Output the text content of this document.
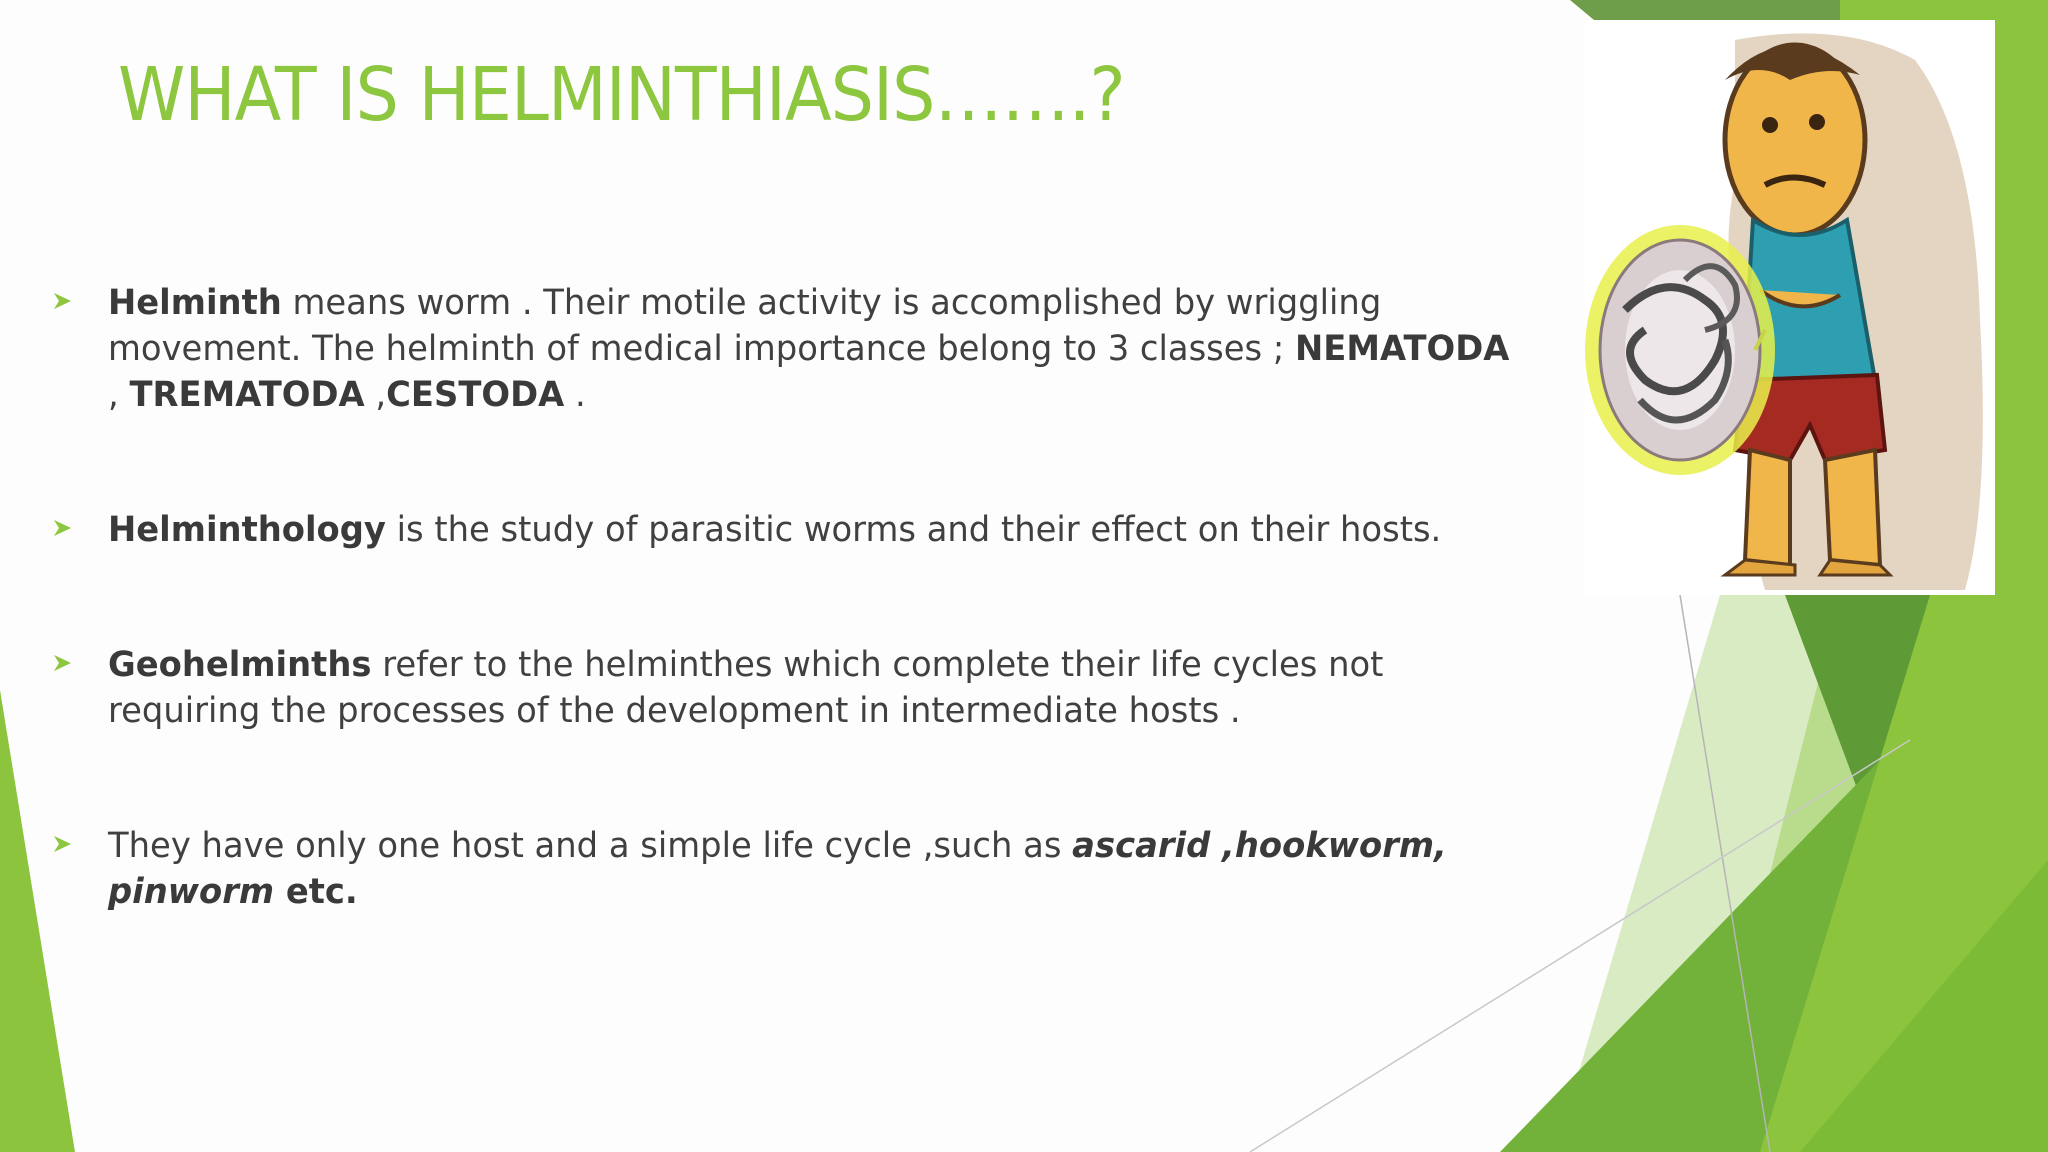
WHAT IS HELMINTHIASIS…….?

Helminth means worm . Their motile activity is accomplished by wriggling movement. The helminth of medical importance belong to 3 classes ; NEMATODA , TREMATODA ,CESTODA .

Helminthology is the study of parasitic worms and their effect on their hosts.

Geohelminths refer to the helminthes which complete their life cycles not requiring the processes of the development in intermediate hosts .

They have only one host and a simple life cycle ,such as ascarid ,hookworm, pinworm etc.
